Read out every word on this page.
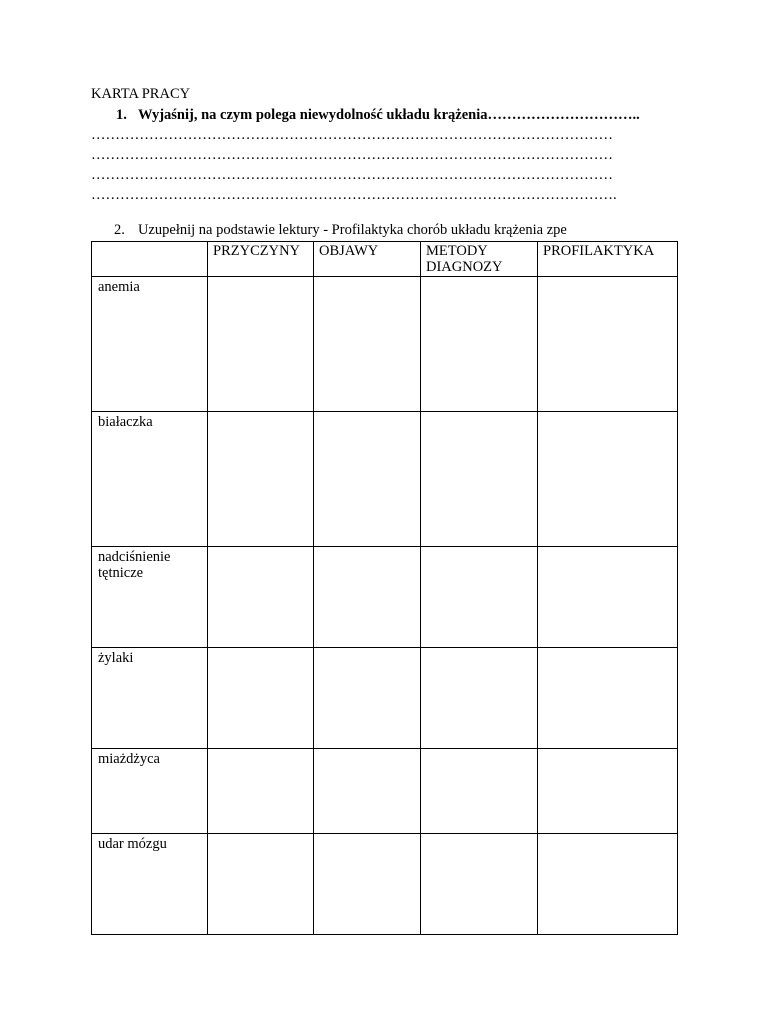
KARTA PRACY
1. Wyjaśnij, na czym polega niewydolność układu krążenia…………………………..
………………………………………………………………………………………………
………………………………………………………………………………………………
………………………………………………………………………………………………
……………………………………………………………………………………………….
2. Uzupełnij na podstawie lektury - Profilaktyka chorób układu krążenia zpe
	PRZYCZYNY	OBJAWY	METODY DIAGNOZY	PROFILAKTYKA
anemia				
białaczka				
nadciśnienie tętnicze				
żylaki				
miażdżyca				
udar mózgu				
